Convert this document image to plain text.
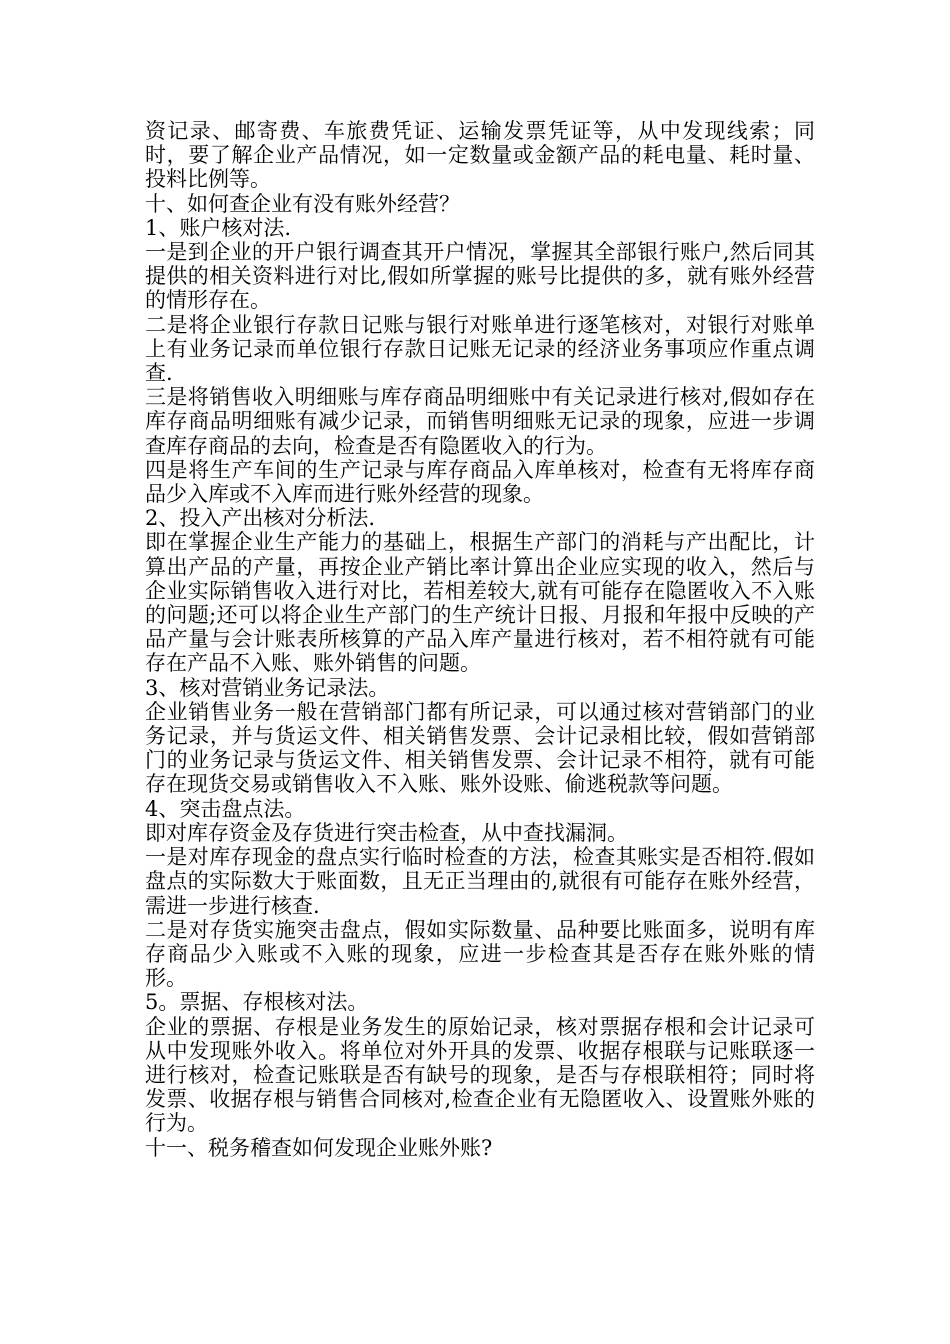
资记录、邮寄费、车旅费凭证、运输发票凭证等，从中发现线索；同时，要了解企业产品情况，如一定数量或金额产品的耗电量、耗时量、投料比例等。

十、如何查企业有没有账外经营？

1、账户核对法.

一是到企业的开户银行调查其开户情况，掌握其全部银行账户,然后同其提供的相关资料进行对比,假如所掌握的账号比提供的多，就有账外经营的情形存在。

二是将企业银行存款日记账与银行对账单进行逐笔核对，对银行对账单上有业务记录而单位银行存款日记账无记录的经济业务事项应作重点调查.

三是将销售收入明细账与库存商品明细账中有关记录进行核对,假如存在库存商品明细账有减少记录，而销售明细账无记录的现象，应进一步调查库存商品的去向，检查是否有隐匿收入的行为。

四是将生产车间的生产记录与库存商品入库单核对，检查有无将库存商品少入库或不入库而进行账外经营的现象。

2、投入产出核对分析法.

即在掌握企业生产能力的基础上，根据生产部门的消耗与产出配比，计算出产品的产量，再按企业产销比率计算出企业应实现的收入，然后与企业实际销售收入进行对比，若相差较大,就有可能存在隐匿收入不入账的问题;还可以将企业生产部门的生产统计日报、月报和年报中反映的产品产量与会计账表所核算的产品入库产量进行核对，若不相符就有可能存在产品不入账、账外销售的问题。

3、核对营销业务记录法。

企业销售业务一般在营销部门都有所记录，可以通过核对营销部门的业务记录，并与货运文件、相关销售发票、会计记录相比较，假如营销部门的业务记录与货运文件、相关销售发票、会计记录不相符，就有可能存在现货交易或销售收入不入账、账外设账、偷逃税款等问题。

4、突击盘点法。

即对库存资金及存货进行突击检查，从中查找漏洞。

一是对库存现金的盘点实行临时检查的方法，检查其账实是否相符.假如盘点的实际数大于账面数，且无正当理由的,就很有可能存在账外经营，需进一步进行核查.

二是对存货实施突击盘点，假如实际数量、品种要比账面多，说明有库存商品少入账或不入账的现象，应进一步检查其是否存在账外账的情形。

5。票据、存根核对法。

企业的票据、存根是业务发生的原始记录，核对票据存根和会计记录可从中发现账外收入。将单位对外开具的发票、收据存根联与记账联逐一进行核对，检查记账联是否有缺号的现象，是否与存根联相符；同时将发票、收据存根与销售合同核对,检查企业有无隐匿收入、设置账外账的行为。

十一、税务稽查如何发现企业账外账?
